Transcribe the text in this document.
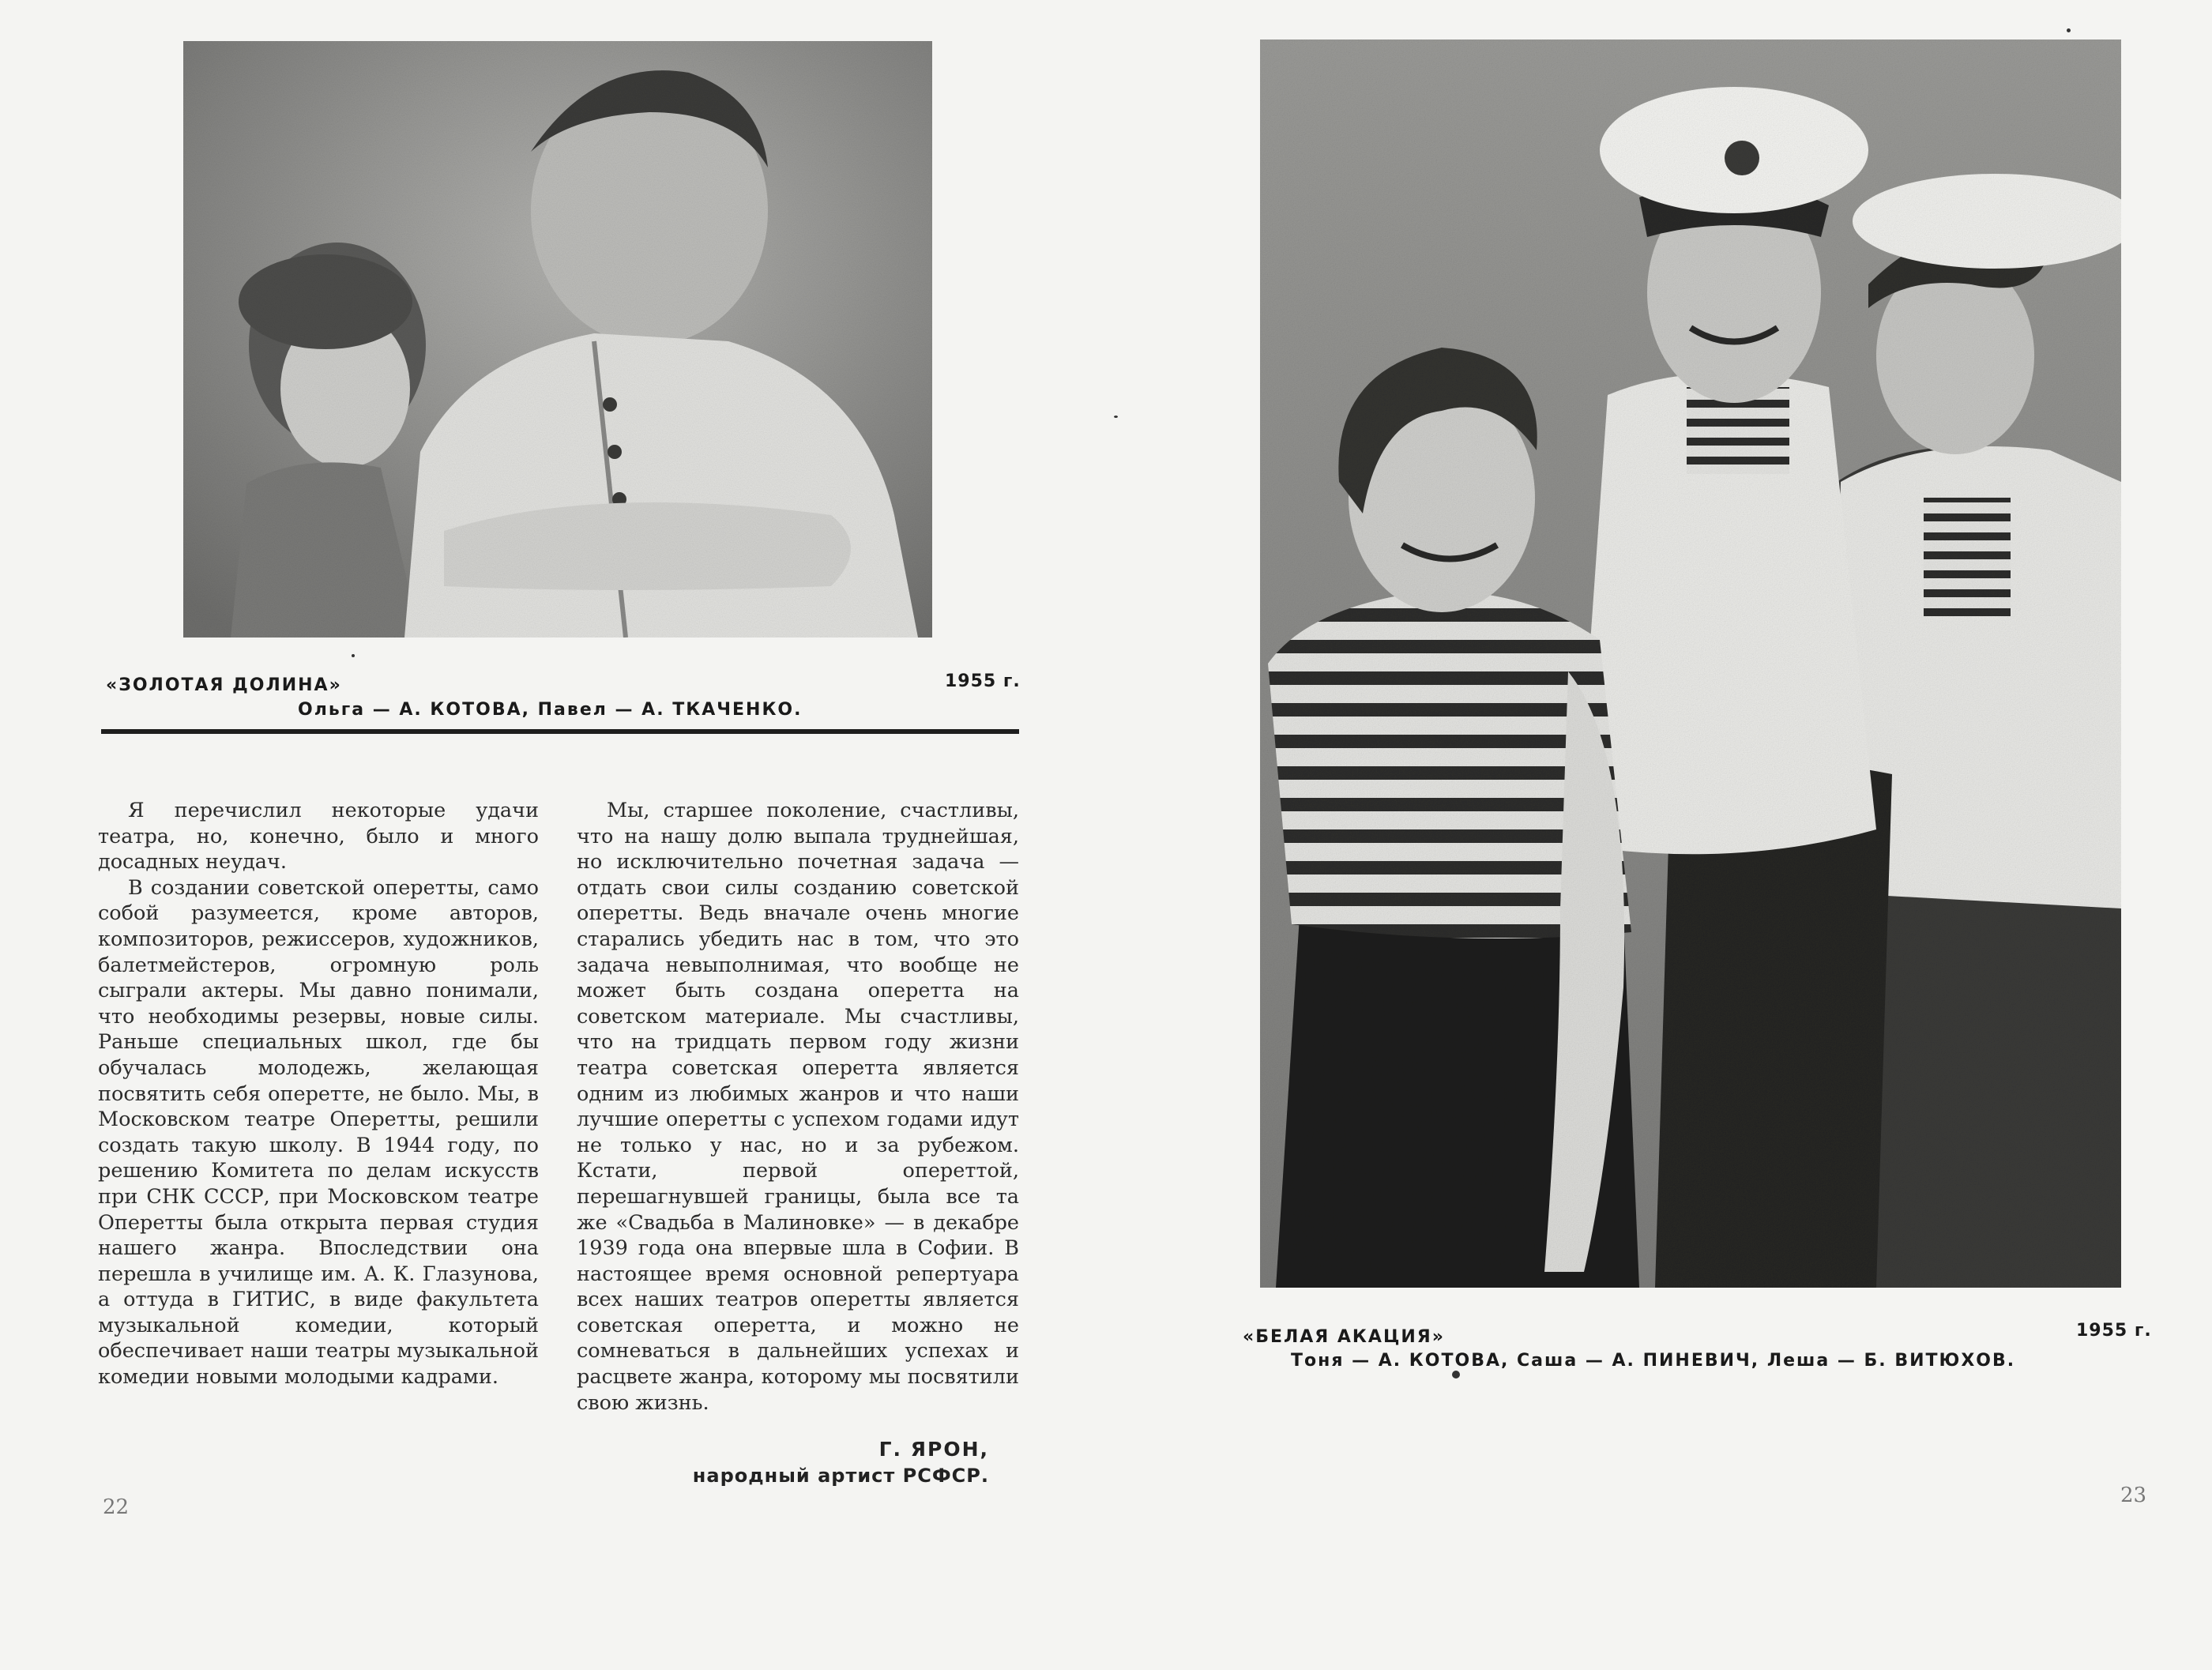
«ЗОЛОТАЯ ДОЛИНА»	1955 г.
Ольга — А. КОТОВА, Павел — А. ТКАЧЕНКО.

Я перечислил некоторые удачи театра, но, конечно, было и много досадных неудач.

В создании советской оперетты, само собой разумеется, кроме авторов, композиторов, режиссеров, художников, балетмейстеров, огромную роль сыграли актеры. Мы давно понимали, что необходимы резервы, новые силы. Раньше специальных школ, где бы обучалась молодежь, желающая посвятить себя оперетте, не было. Мы, в Московском театре Оперетты, решили создать такую школу. В 1944 году, по решению Комитета по делам искусств при СНК СССР, при Московском театре Оперетты была открыта первая студия нашего жанра. Впоследствии она перешла в училище им. А. К. Глазунова, а оттуда в ГИТИС, в виде факультета музыкальной комедии, который обеспечивает наши театры музыкальной комедии новыми молодыми кадрами.

Мы, старшее поколение, счастливы, что на нашу долю выпала труднейшая, но исключительно почетная задача — отдать свои силы созданию советской оперетты. Ведь вначале очень многие старались убедить нас в том, что это задача невыполнимая, что вообще не может быть создана оперетта на советском материале. Мы счастливы, что на тридцать первом году жизни театра советская оперетта является одним из любимых жанров и что наши лучшие оперетты с успехом годами идут не только у нас, но и за рубежом. Кстати, первой опереттой, перешагнувшей границы, была все та же «Свадьба в Малиновке» — в декабре 1939 года она впервые шла в Софии. В настоящее время основной репертуара всех наших театров оперетты является советская оперетта, и можно не сомневаться в дальнейших успехах и расцвете жанра, которому мы посвятили свою жизнь.

Г. ЯРОН,
народный артист РСФСР.
22
«БЕЛАЯ АКАЦИЯ»	1955 г.
Тоня — А. КОТОВА, Саша — А. ПИНЕВИЧ, Леша — Б. ВИТЮХОВ.
23
